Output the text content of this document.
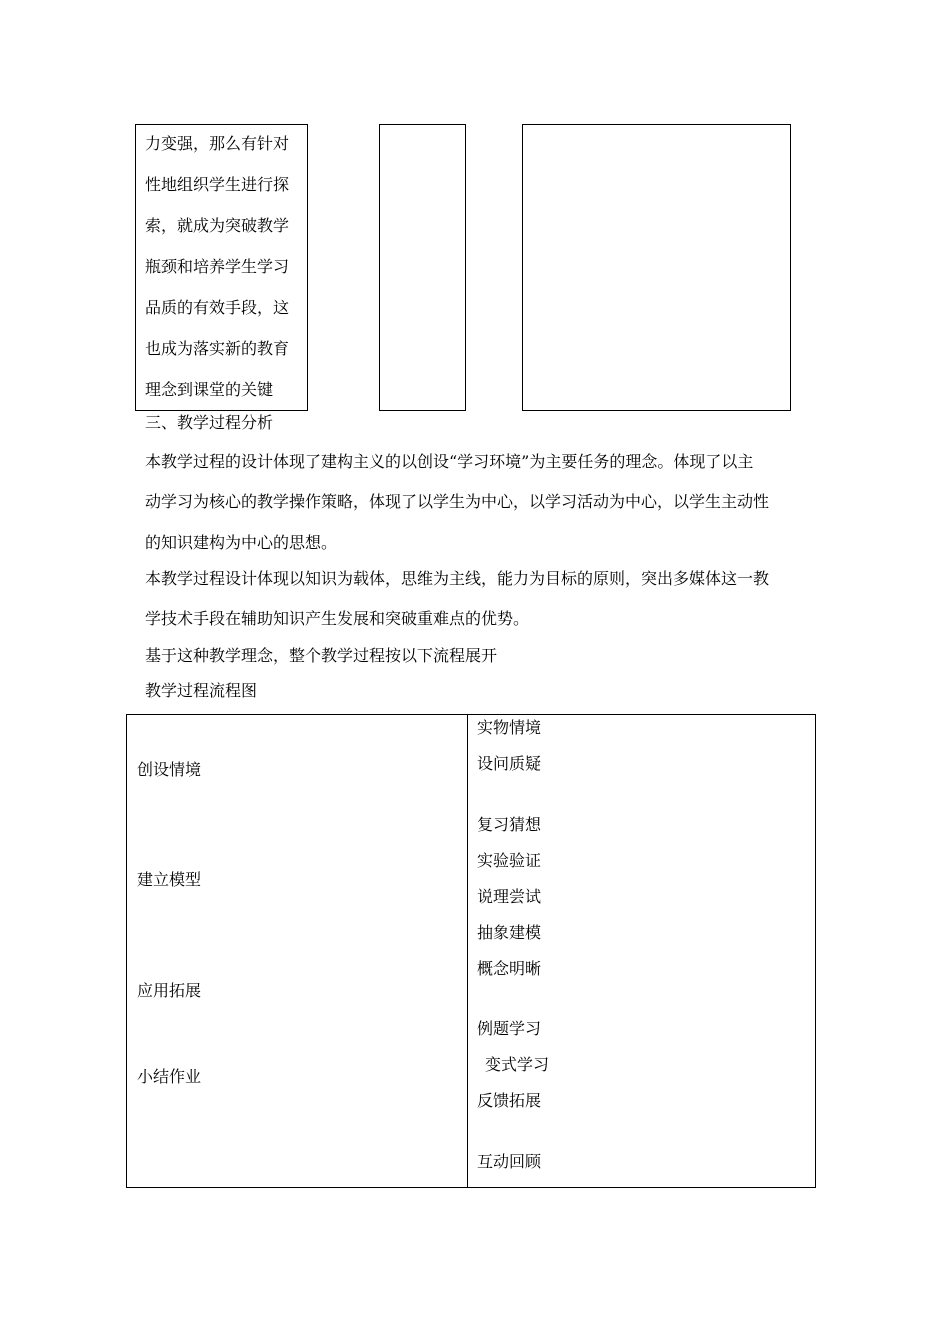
力变强，那么有针对
性地组织学生进行探
索，就成为突破教学
瓶颈和培养学生学习
品质的有效手段，这
也成为落实新的教育
理念到课堂的关键
三、教学过程分析
本教学过程的设计体现了建构主义的以创设“学习环境”为主要任务的理念。体现了以主
动学习为核心的教学操作策略，体现了以学生为中心，以学习活动为中心，以学生主动性
的知识建构为中心的思想。
本教学过程设计体现以知识为载体，思维为主线，能力为目标的原则，突出多媒体这一教
学技术手段在辅助知识产生发展和突破重难点的优势。
基于这种教学理念，整个教学过程按以下流程展开
教学过程流程图
创设情境
建立模型
应用拓展
小结作业
实物情境
设问质疑
复习猜想
实验验证
说理尝试
抽象建模
概念明晰
例题学习
变式学习
反馈拓展
互动回顾
